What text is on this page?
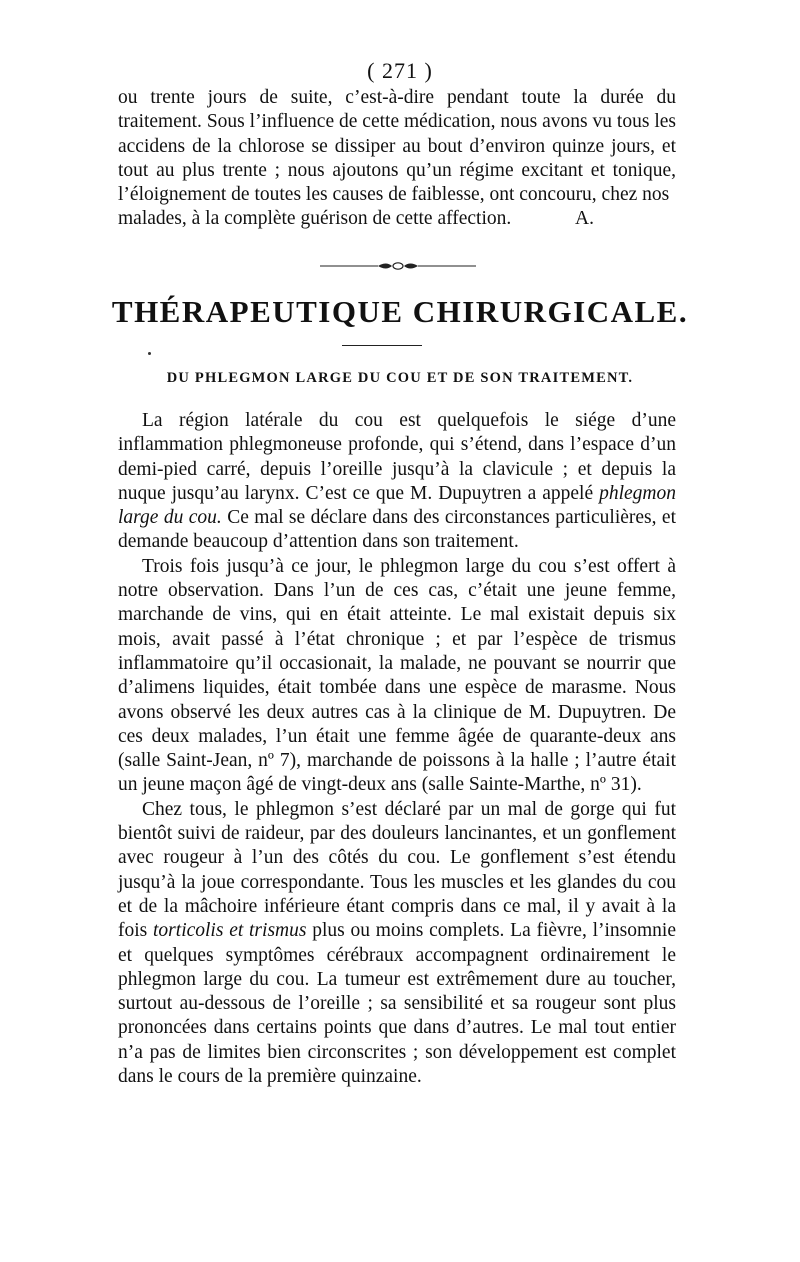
( 271 )

ou trente jours de suite, c’est-à-dire pendant toute la durée du traitement. Sous l’influence de cette médication, nous avons vu tous les accidens de la chlorose se dissiper au bout d’environ quinze jours, et tout au plus trente ; nous ajoutons qu’un régime excitant et tonique, l’éloignement de toutes les causes de faiblesse, ont concouru, chez nos

malades, à la complète guérison de cette affection.	A.
THÉRAPEUTIQUE CHIRURGICALE.
DU PHLEGMON LARGE DU COU ET DE SON TRAITEMENT.

La région latérale du cou est quelquefois le siége d’une inflammation phlegmoneuse profonde, qui s’étend, dans l’espace d’un demi-pied carré, depuis l’oreille jusqu’à la clavicule ; et depuis la nuque jusqu’au larynx. C’est ce que M. Dupuytren a appelé phlegmon large du cou. Ce mal se déclare dans des circonstances particulières, et demande beaucoup d’attention dans son traitement.

Trois fois jusqu’à ce jour, le phlegmon large du cou s’est offert à notre observation. Dans l’un de ces cas, c’était une jeune femme, marchande de vins, qui en était atteinte. Le mal existait depuis six mois, avait passé à l’état chronique ; et par l’espèce de trismus inflammatoire qu’il occasionait, la malade, ne pouvant se nourrir que d’alimens liquides, était tombée dans une espèce de marasme. Nous avons observé les deux autres cas à la clinique de M. Dupuytren. De ces deux malades, l’un était une femme âgée de quarante-deux ans (salle Saint-Jean, nº 7), marchande de poissons à la halle ; l’autre était un jeune maçon âgé de vingt-deux ans (salle Sainte-Marthe, nº 31).

Chez tous, le phlegmon s’est déclaré par un mal de gorge qui fut bientôt suivi de raideur, par des douleurs lancinantes, et un gonflement avec rougeur à l’un des côtés du cou. Le gonflement s’est étendu jusqu’à la joue correspondante. Tous les muscles et les glandes du cou et de la mâchoire inférieure étant compris dans ce mal, il y avait à la fois torticolis et trismus plus ou moins complets. La fièvre, l’insomnie et quelques symptômes cérébraux accompagnent ordinairement le phlegmon large du cou. La tumeur est extrêmement dure au toucher, surtout au-dessous de l’oreille ; sa sensibilité et sa rougeur sont plus prononcées dans certains points que dans d’autres. Le mal tout entier n’a pas de limites bien circonscrites ; son développement est complet dans le cours de la première quinzaine.
